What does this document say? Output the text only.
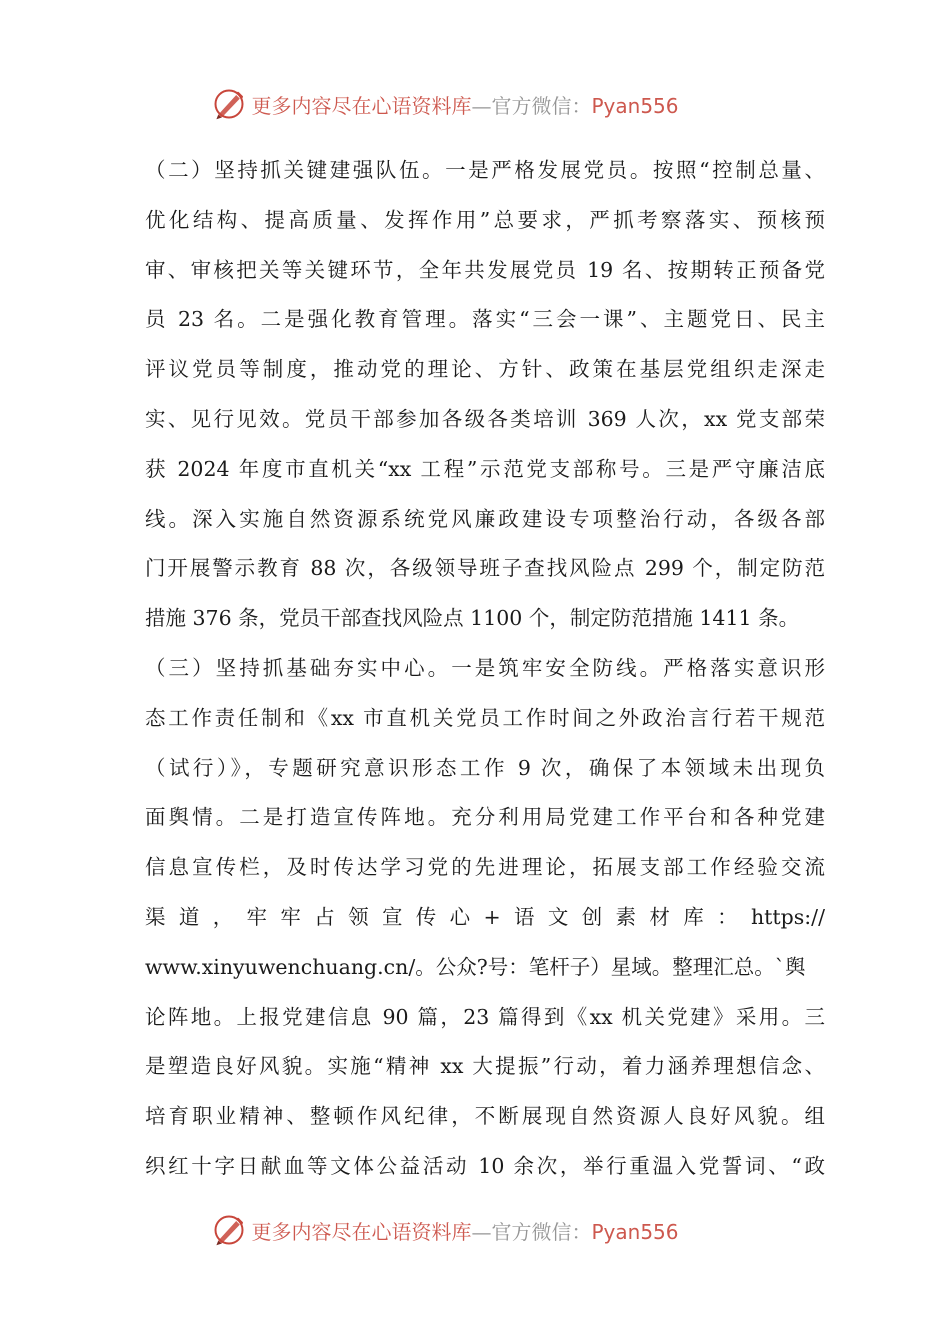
更多内容尽在心语资料库—官方微信：Pyan556
（二）坚持抓关键建强队伍。一是严格发展党员。按照“控制总量、
优化结构、提高质量、发挥作用”总要求，严抓考察落实、预核预
审、审核把关等关键环节，全年共发展党员 19 名、按期转正预备党
员 23 名。二是强化教育管理。落实“三会一课”、主题党日、民主
评议党员等制度，推动党的理论、方针、政策在基层党组织走深走
实、见行见效。党员干部参加各级各类培训 369 人次，xx 党支部荣
获 2024 年度市直机关“xx 工程”示范党支部称号。三是严守廉洁底
线。深入实施自然资源系统党风廉政建设专项整治行动，各级各部
门开展警示教育 88 次，各级领导班子查找风险点 299 个，制定防范
措施 376 条，党员干部查找风险点 1100 个，制定防范措施 1411 条。
（三）坚持抓基础夯实中心。一是筑牢安全防线。严格落实意识形
态工作责任制和《xx 市直机关党员工作时间之外政治言行若干规范
（试行）》，专题研究意识形态工作 9 次，确保了本领域未出现负
面舆情。二是打造宣传阵地。充分利用局党建工作平台和各种党建
信息宣传栏，及时传达学习党的先进理论，拓展支部工作经验交流
渠道，牢牢占领宣传心+语文创素材库：https://
www.xinyuwenchuang.cn/。公众?号：笔杆子）星域。整理汇总。`舆
论阵地。上报党建信息 90 篇，23 篇得到《xx 机关党建》采用。三
是塑造良好风貌。实施“精神 xx 大提振”行动，着力涵养理想信念、
培育职业精神、整顿作风纪律，不断展现自然资源人良好风貌。组
织红十字日献血等文体公益活动 10 余次，举行重温入党誓词、“政
更多内容尽在心语资料库—官方微信：Pyan556
